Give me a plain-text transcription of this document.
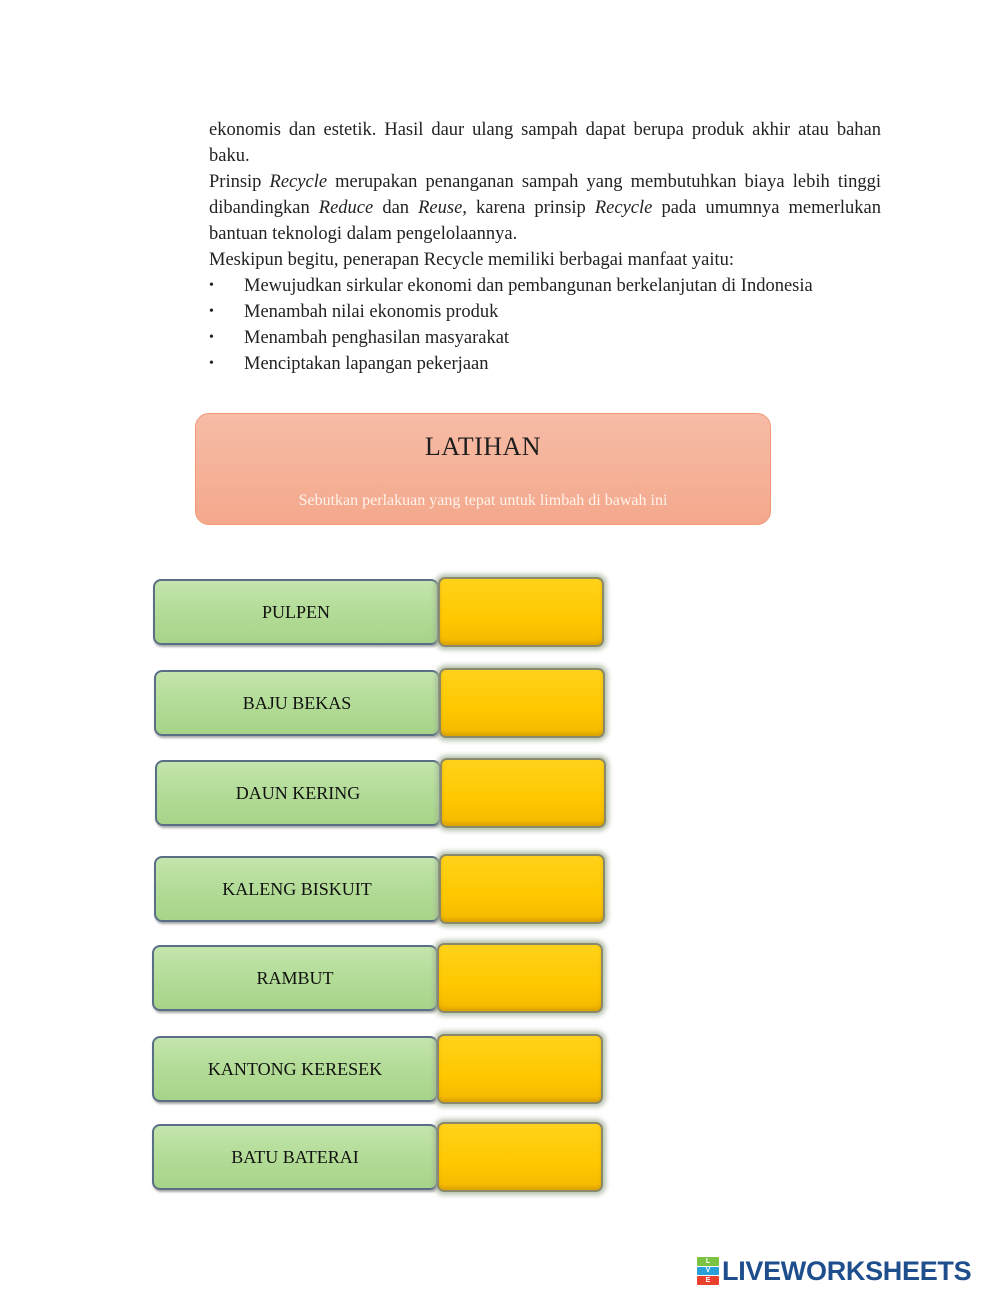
ekonomis dan estetik. Hasil daur ulang sampah dapat berupa produk akhir atau bahan baku.

Prinsip Recycle merupakan penanganan sampah yang membutuhkan biaya lebih tinggi dibandingkan Reduce dan Reuse, karena prinsip Recycle pada umumnya memerlukan bantuan teknologi dalam pengelolaannya.

Meskipun begitu, penerapan Recycle memiliki berbagai manfaat yaitu:

• Mewujudkan sirkular ekonomi dan pembangunan berkelanjutan di Indonesia
• Menambah nilai ekonomis produk
• Menambah penghasilan masyarakat
• Menciptakan lapangan pekerjaan
LATIHAN
Sebutkan perlakuan yang tepat untuk limbah di bawah ini
PULPEN
BAJU BEKAS
DAUN KERING
KALENG BISKUIT
RAMBUT
KANTONG KERESEK
BATU BATERAI
L
V
E LIVEWORKSHEETS
